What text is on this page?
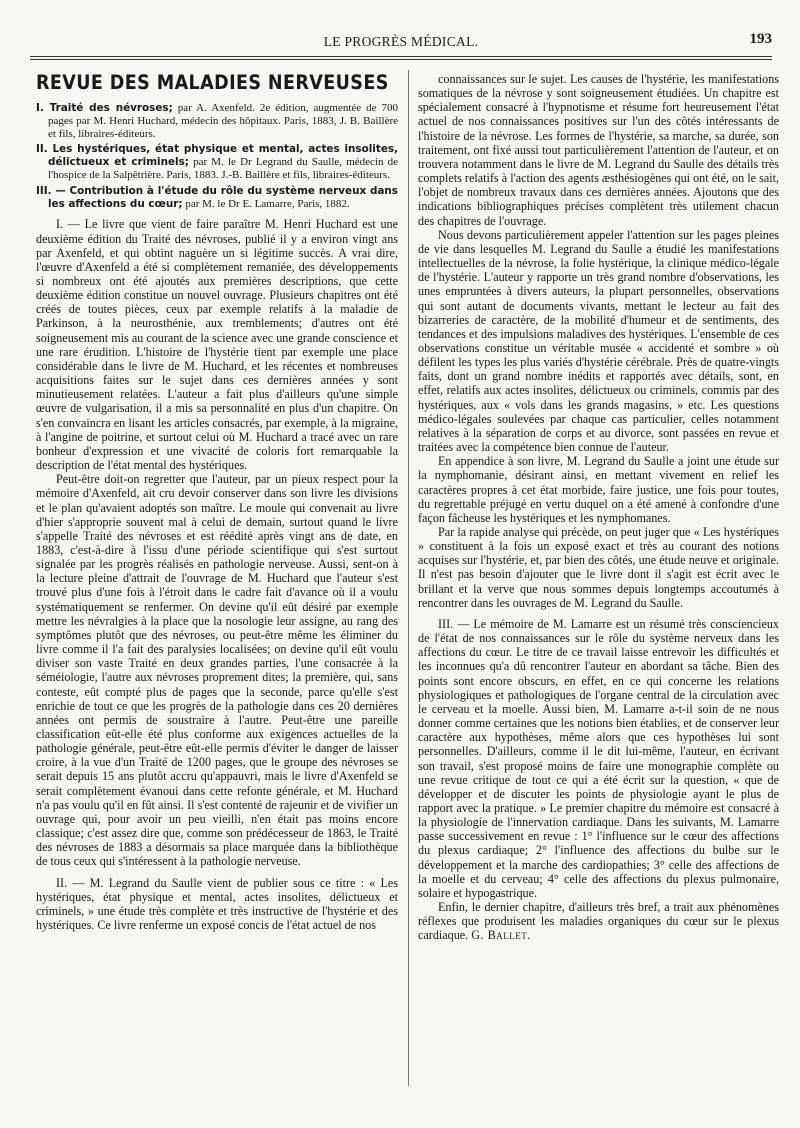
LE PROGRÈS MÉDICAL.	193
REVUE DES MALADIES NERVEUSES
I. Traité des névroses; par A. Axenfeld. 2e édition, augmentée de 700 pages par M. Henri Huchard, médecin des hôpitaux. Paris, 1883, J. B. Baillère et fils, libraires-éditeurs.
II. Les hystériques, état physique et mental, actes insolites, délictueux et criminels; par M. le Dr Legrand du Saulle, médecin de l'hospice de la Salpêtrière. Paris, 1883. J.-B. Baillère et fils, libraires-éditeurs.
III. — Contribution à l'étude du rôle du système nerveux dans les affections du cœur; par M. le Dr E. Lamarre, Paris, 1882.

I. — Le livre que vient de faire paraître M. Henri Huchard est une deuxième édition du Traité des névroses, publié il y a environ vingt ans par Axenfeld, et qui obtint naguère un si légitime succès. A vrai dire, l'œuvre d'Axenfeld a été si complètement remaniée, des développements si nombreux ont été ajoutés aux premières descriptions, que cette deuxième édition constitue un nouvel ouvrage. Plusieurs chapitres ont été créés de toutes pièces, ceux par exemple relatifs à la maladie de Parkinson, à la neurosthénie, aux tremblements; d'autres ont été soigneusement mis au courant de la science avec une grande conscience et une rare érudition. L'histoire de l'hystérie tient par exemple une place considérable dans le livre de M. Huchard, et les récentes et nombreuses acquisitions faites sur le sujet dans ces dernières années y sont minutieusement relatées. L'auteur a fait plus d'ailleurs qu'une simple œuvre de vulgarisation, il a mis sa personnalité en plus d'un chapitre. On s'en convaincra en lisant les articles consacrés, par exemple, à la migraine, à l'angine de poitrine, et surtout celui où M. Huchard a tracé avec un rare bonheur d'expression et une vivacité de coloris fort remarquable la description de l'état mental des hystériques.

Peut-être doit-on regretter que l'auteur, par un pieux respect pour la mémoire d'Axenfeld, ait cru devoir conserver dans son livre les divisions et le plan qu'avaient adoptés son maître. Le moule qui convenait au livre d'hier s'approprie souvent mal à celui de demain, surtout quand le livre s'appelle Traité des névroses et est réédité après vingt ans de date, en 1883, c'est-à-dire à l'issu d'une période scientifique qui s'est surtout signalée par les progrès réalisés en pathologie nerveuse. Aussi, sent-on à la lecture pleine d'attrait de l'ouvrage de M. Huchard que l'auteur s'est trouvé plus d'une fois à l'étroit dans le cadre fait d'avance où il a voulu systématiquement se renfermer. On devine qu'il eût désiré par exemple mettre les névralgies à la place que la nosologie leur assigne, au rang des symptômes plutôt que des névroses, ou peut-être même les éliminer du livre comme il l'a fait des paralysies localisées; on devine qu'il eût voulu diviser son vaste Traité en deux grandes parties, l'une consacrée à la séméiologie, l'autre aux névroses proprement dites; la première, qui, sans conteste, eût compté plus de pages que la seconde, parce qu'elle s'est enrichie de tout ce que les progrès de la pathologie dans ces 20 dernières années ont permis de soustraire à l'autre. Peut-être une pareille classification eût-elle été plus conforme aux exigences actuelles de la pathologie générale, peut-être eût-elle permis d'éviter le danger de laisser croire, à la vue d'un Traité de 1200 pages, que le groupe des névroses se serait depuis 15 ans plutôt accru qu'appauvri, mais le livre d'Axenfeld se serait complètement évanoui dans cette refonte générale, et M. Huchard n'a pas voulu qu'il en fût ainsi. Il s'est contenté de rajeunir et de vivifier un ouvrage qui, pour avoir un peu vieilli, n'en était pas moins encore classique; c'est assez dire que, comme son prédécesseur de 1863, le Traité des névroses de 1883 a désormais sa place marquée dans la bibliothèque de tous ceux qui s'intéressent à la pathologie nerveuse.

II. — M. Legrand du Saulle vient de publier sous ce titre : « Les hystériques, état physique et mental, actes insolites, délictueux et criminels, » une étude très complète et très instructive de l'hystérie et des hystériques. Ce livre renferme un exposé concis de l'état actuel de nos

connaissances sur le sujet. Les causes de l'hystérie, les manifestations somatiques de la névrose y sont soigneusement étudiées. Un chapitre est spécialement consacré à l'hypnotisme et résume fort heureusement l'état actuel de nos connaissances positives sur l'un des côtés intéressants de l'histoire de la névrose. Les formes de l'hystérie, sa marche, sa durée, son traitement, ont fixé aussi tout particulièrement l'attention de l'auteur, et on trouvera notamment dans le livre de M. Legrand du Saulle des détails très complets relatifs à l'action des agents æsthésiogènes qui ont été, on le sait, l'objet de nombreux travaux dans ces dernières années. Ajoutons que des indications bibliographiques précises complètent très utilement chacun des chapitres de l'ouvrage.

Nous devons particulièrement appeler l'attention sur les pages pleines de vie dans lesquelles M. Legrand du Saulle a étudié les manifestations intellectuelles de la névrose, la folie hystérique, la clinique médico-légale de l'hystérie. L'auteur y rapporte un très grand nombre d'observations, les unes empruntées à divers auteurs, la plupart personnelles, observations qui sont autant de documents vivants, mettant le lecteur au fait des bizarreries de caractère, de la mobilité d'humeur et de sentiments, des tendances et des impulsions maladives des hystériques. L'ensemble de ces observations constitue un véritable musée « accidenté et sombre » où défilent les types les plus variés d'hystérie cérébrale. Près de quatre-vingts faits, dont un grand nombre inédits et rapportés avec détails, sont, en effet, relatifs aux actes insolites, délictueux ou criminels, commis par des hystériques, aux « vols dans les grands magasins, » etc. Les questions médico-légales soulevées par chaque cas particulier, celles notamment relatives à la séparation de corps et au divorce, sont passées en revue et traitées avec la compétence bien connue de l'auteur.

En appendice à son livre, M. Legrand du Saulle a joint une étude sur la nymphomanie, désirant ainsi, en mettant vivement en relief les caractères propres à cet état morbide, faire justice, une fois pour toutes, du regrettable préjugé en vertu duquel on a été amené à confondre d'une façon fâcheuse les hystériques et les nymphomanes.

Par la rapide analyse qui précède, on peut juger que « Les hystériques » constituent à la fois un exposé exact et très au courant des notions acquises sur l'hystérie, et, par bien des côtés, une étude neuve et originale. Il n'est pas besoin d'ajouter que le livre dont il s'agit est écrit avec le brillant et la verve que nous sommes depuis longtemps accoutumés à rencontrer dans les ouvrages de M. Legrand du Saulle.

III. — Le mémoire de M. Lamarre est un résumé très consciencieux de l'état de nos connaissances sur le rôle du système nerveux dans les affections du cœur. Le titre de ce travail laisse entrevoir les difficultés et les inconnues qu'a dû rencontrer l'auteur en abordant sa tâche. Bien des points sont encore obscurs, en effet, en ce qui concerne les relations physiologiques et pathologiques de l'organe central de la circulation avec le cerveau et la moelle. Aussi bien, M. Lamarre a-t-il soin de ne nous donner comme certaines que les notions bien établies, et de conserver leur caractère aux hypothèses, même alors que ces hypothèses lui sont personnelles. D'ailleurs, comme il le dit lui-même, l'auteur, en écrivant son travail, s'est proposé moins de faire une monographie complète ou une revue critique de tout ce qui a été écrit sur la question, « que de développer et de discuter les points de physiologie ayant le plus de rapport avec la pratique. » Le premier chapitre du mémoire est consacré à la physiologie de l'innervation cardiaque. Dans les suivants, M. Lamarre passe successivement en revue : 1° l'influence sur le cœur des affections du plexus cardiaque; 2° l'influence des affections du bulbe sur le développement et la marche des cardiopathies; 3° celle des affections de la moelle et du cerveau; 4° celle des affections du plexus pulmonaire, solaire et hypogastrique.

Enfin, le dernier chapitre, d'ailleurs très bref, a trait aux phénomènes réflexes que produisent les maladies organiques du cœur sur le plexus cardiaque. G. Ballet.
